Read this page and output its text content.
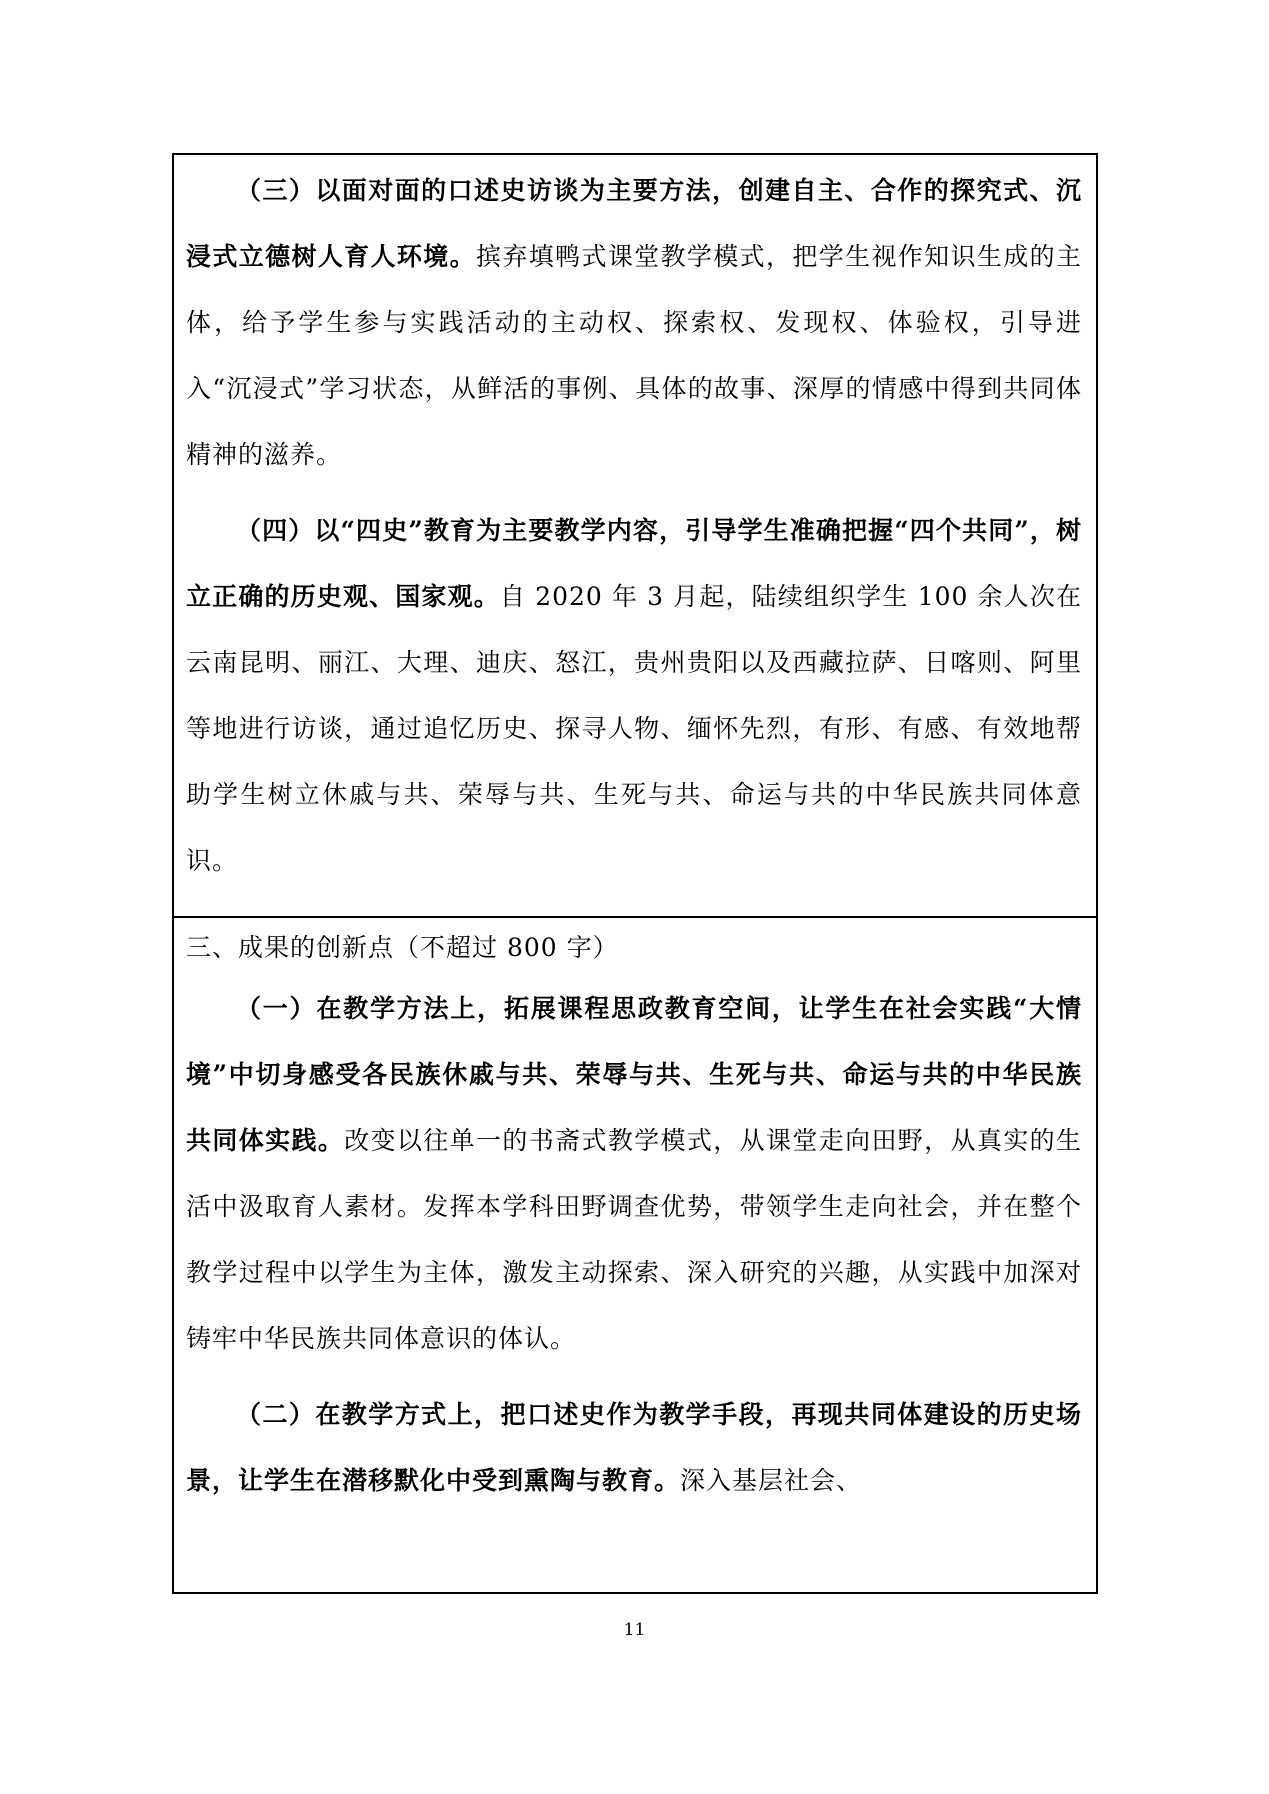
（三）以面对面的口述史访谈为主要方法，创建自主、合作的探究式、沉浸式立德树人育人环境。摈弃填鸭式课堂教学模式，把学生视作知识生成的主体，给予学生参与实践活动的主动权、探索权、发现权、体验权，引导进入“沉浸式”学习状态，从鲜活的事例、具体的故事、深厚的情感中得到共同体精神的滋养。

（四）以“四史”教育为主要教学内容，引导学生准确把握“四个共同”，树立正确的历史观、国家观。自 2020 年 3 月起，陆续组织学生 100 余人次在云南昆明、丽江、大理、迪庆、怒江，贵州贵阳以及西藏拉萨、日喀则、阿里等地进行访谈，通过追忆历史、探寻人物、缅怀先烈，有形、有感、有效地帮助学生树立休戚与共、荣辱与共、生死与共、命运与共的中华民族共同体意识。

三、成果的创新点（不超过 800 字）

（一）在教学方法上，拓展课程思政教育空间，让学生在社会实践“大情境”中切身感受各民族休戚与共、荣辱与共、生死与共、命运与共的中华民族共同体实践。改变以往单一的书斋式教学模式，从课堂走向田野，从真实的生活中汲取育人素材。发挥本学科田野调查优势，带领学生走向社会，并在整个教学过程中以学生为主体，激发主动探索、深入研究的兴趣，从实践中加深对铸牢中华民族共同体意识的体认。

（二）在教学方式上，把口述史作为教学手段，再现共同体建设的历史场景，让学生在潜移默化中受到熏陶与教育。深入基层社会、

11
